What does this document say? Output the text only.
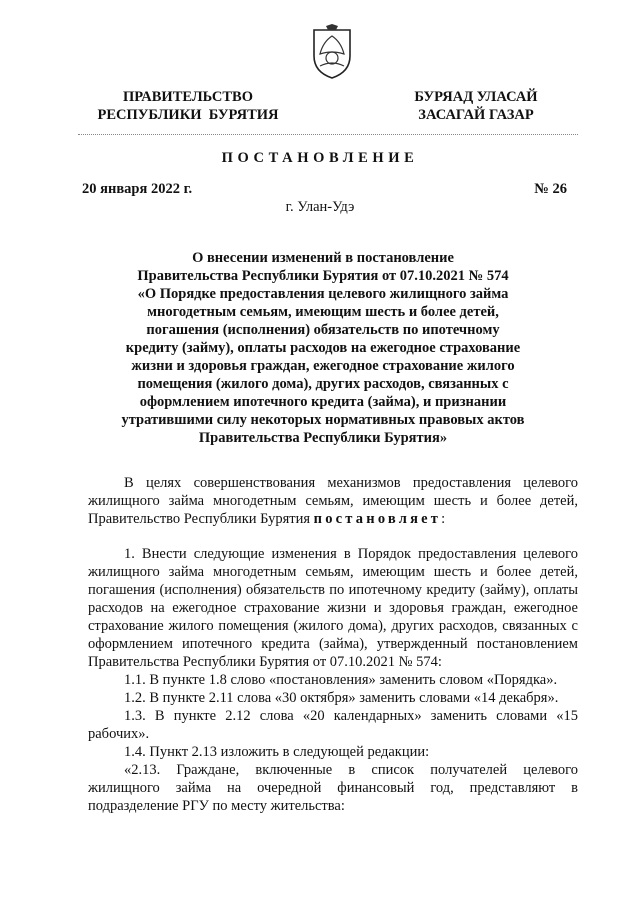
ПРАВИТЕЛЬСТВО
РЕСПУБЛИКИ  БУРЯТИЯ
БУРЯАД УЛАСАЙ
ЗАСАГАЙ ГАЗАР
ПОСТАНОВЛЕНИЕ
20 января 2022 г.	№ 26
г. Улан-Удэ
О внесении изменений в постановление
Правительства Республики Бурятия от 07.10.2021 № 574
«О Порядке предоставления целевого жилищного займа
многодетным семьям, имеющим шесть и более детей,
погашения (исполнения) обязательств по ипотечному
кредиту (займу), оплаты расходов на ежегодное страхование
жизни и здоровья граждан, ежегодное страхование жилого
помещения (жилого дома), других расходов, связанных с
оформлением ипотечного кредита (займа), и признании
утратившими силу некоторых нормативных правовых актов
Правительства Республики Бурятия»

В целях совершенствования механизмов предоставления целевого жилищного займа многодетным семьям, имеющим шесть и более детей, Правительство Республики Бурятия постановляет:

1. Внести следующие изменения в Порядок предоставления целевого жилищного займа многодетным семьям, имеющим шесть и более детей, погашения (исполнения) обязательств по ипотечному кредиту (займу), оплаты расходов на ежегодное страхование жизни и здоровья граждан, ежегодное страхование жилого помещения (жилого дома), других расходов, связанных с оформлением ипотечного кредита (займа), утвержденный постановлением Правительства Республики Бурятия от 07.10.2021 № 574:

1.1. В пункте 1.8 слово «постановления» заменить словом «Порядка».

1.2. В пункте 2.11 слова «30 октября» заменить словами «14 декабря».

1.3. В пункте 2.12 слова «20 календарных» заменить словами «15 рабочих».

1.4. Пункт 2.13 изложить в следующей редакции:

«2.13. Граждане, включенные в список получателей целевого жилищного займа на очередной финансовый год, представляют в подразделение РГУ по месту жительства:
